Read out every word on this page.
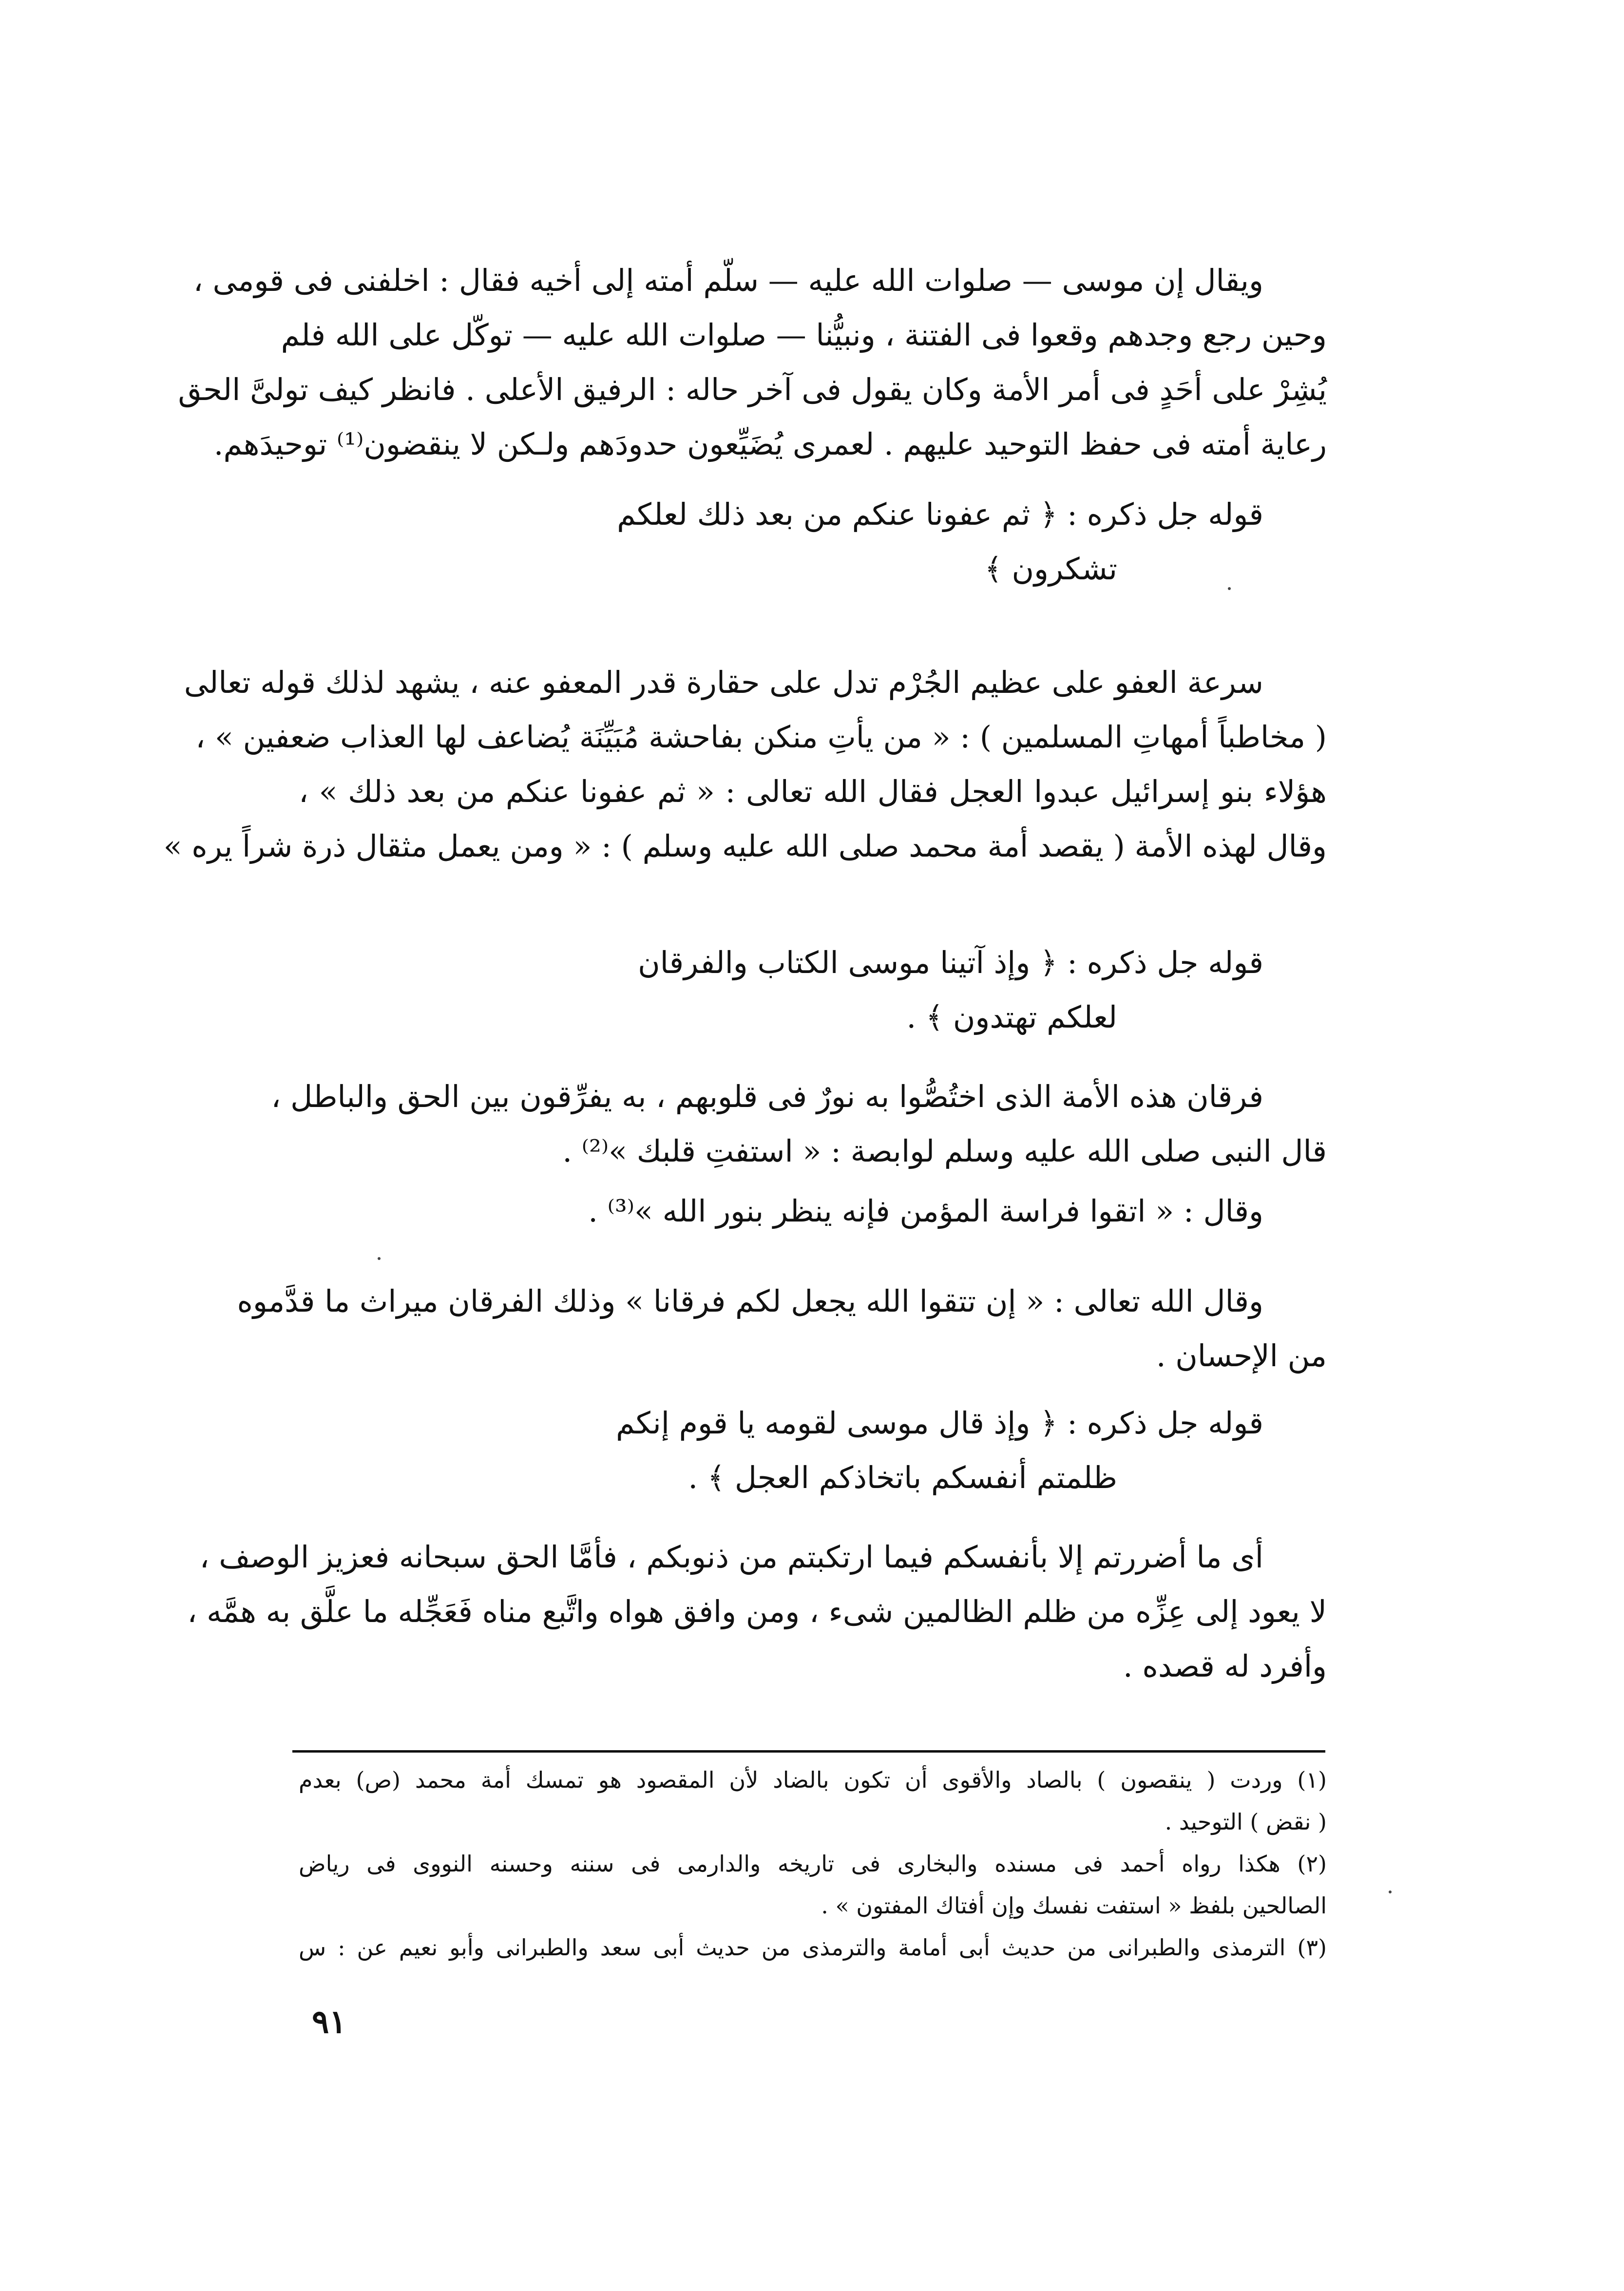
ويقال إن موسى — صلوات الله عليه — سلّم أمته إلى أخيه فقال : اخلفنى فى قومى ،
وحين رجع وجدهم وقعوا فى الفتنة ، ونبيُّنا — صلوات الله عليه — توكّل على الله فلم
يُشِرْ على أحَدٍ فى أمر الأمة وكان يقول فى آخر حاله : الرفيق الأعلى . فانظر كيف تولىَّ الحق
رعاية أمته فى حفظ التوحيد عليهم . لعمرى يُضَيِّعون حدودَهم ولـكن لا ينقضون⁽¹⁾ توحيدَهم.
قوله جل ذكره : ﴿ ثم عفونا عنكم من بعد ذلك لعلكم
تشكرون ﴾
سرعة العفو على عظيم الجُرْم تدل على حقارة قدر المعفو عنه ، يشهد لذلك قوله تعالى
( مخاطباً أمهاتِ المسلمين ) : « من يأتِ منكن بفاحشة مُبَيِّنَة يُضاعف لها العذاب ضعفين » ،
هؤلاء بنو إسرائيل عبدوا العجل فقال الله تعالى : « ثم عفونا عنكم من بعد ذلك » ،
وقال لهذه الأمة ( يقصد أمة محمد صلى الله عليه وسلم ) : « ومن يعمل مثقال ذرة شراً يره »
قوله جل ذكره : ﴿ وإذ آتينا موسى الكتاب والفرقان
لعلكم تهتدون ﴾ .
فرقان هذه الأمة الذى اختُصُّوا به نورٌ فى قلوبهم ، به يفرِّقون بين الحق والباطل ،
قال النبى صلى الله عليه وسلم لوابصة : « استفتِ قلبك »⁽²⁾ .
وقال : « اتقوا فراسة المؤمن فإنه ينظر بنور الله »⁽³⁾ .
وقال الله تعالى : « إن تتقوا الله يجعل لكم فرقانا » وذلك الفرقان ميراث ما قدَّموه
من الإحسان .
قوله جل ذكره : ﴿ وإذ قال موسى لقومه يا قوم إنكم
ظلمتم أنفسكم باتخاذكم العجل ﴾ .
أى ما أضررتم إلا بأنفسكم فيما ارتكبتم من ذنوبكم ، فأمَّا الحق سبحانه فعزيز الوصف ،
لا يعود إلى عِزِّه من ظلم الظالمين شىء ، ومن وافق هواه واتَّبع مناه فَعَجِّله ما علَّق به همَّه ،
وأفرد له قصده .
(١) وردت ( ينقصون ) بالصاد والأقوى أن تكون بالضاد لأن المقصود هو تمسك أمة محمد (ص) بعدم
( نقض ) التوحيد .
(٢) هكذا رواه أحمد فى مسنده والبخارى فى تاريخه والدارمى فى سننه وحسنه النووى فى رياض
الصالحين بلفظ « استفت نفسك وإن أفتاك المفتون » .
(٣) الترمذى والطبرانى من حديث أبى أمامة والترمذى من حديث أبى سعد والطبرانى وأبو نعيم عن : س
٩١
